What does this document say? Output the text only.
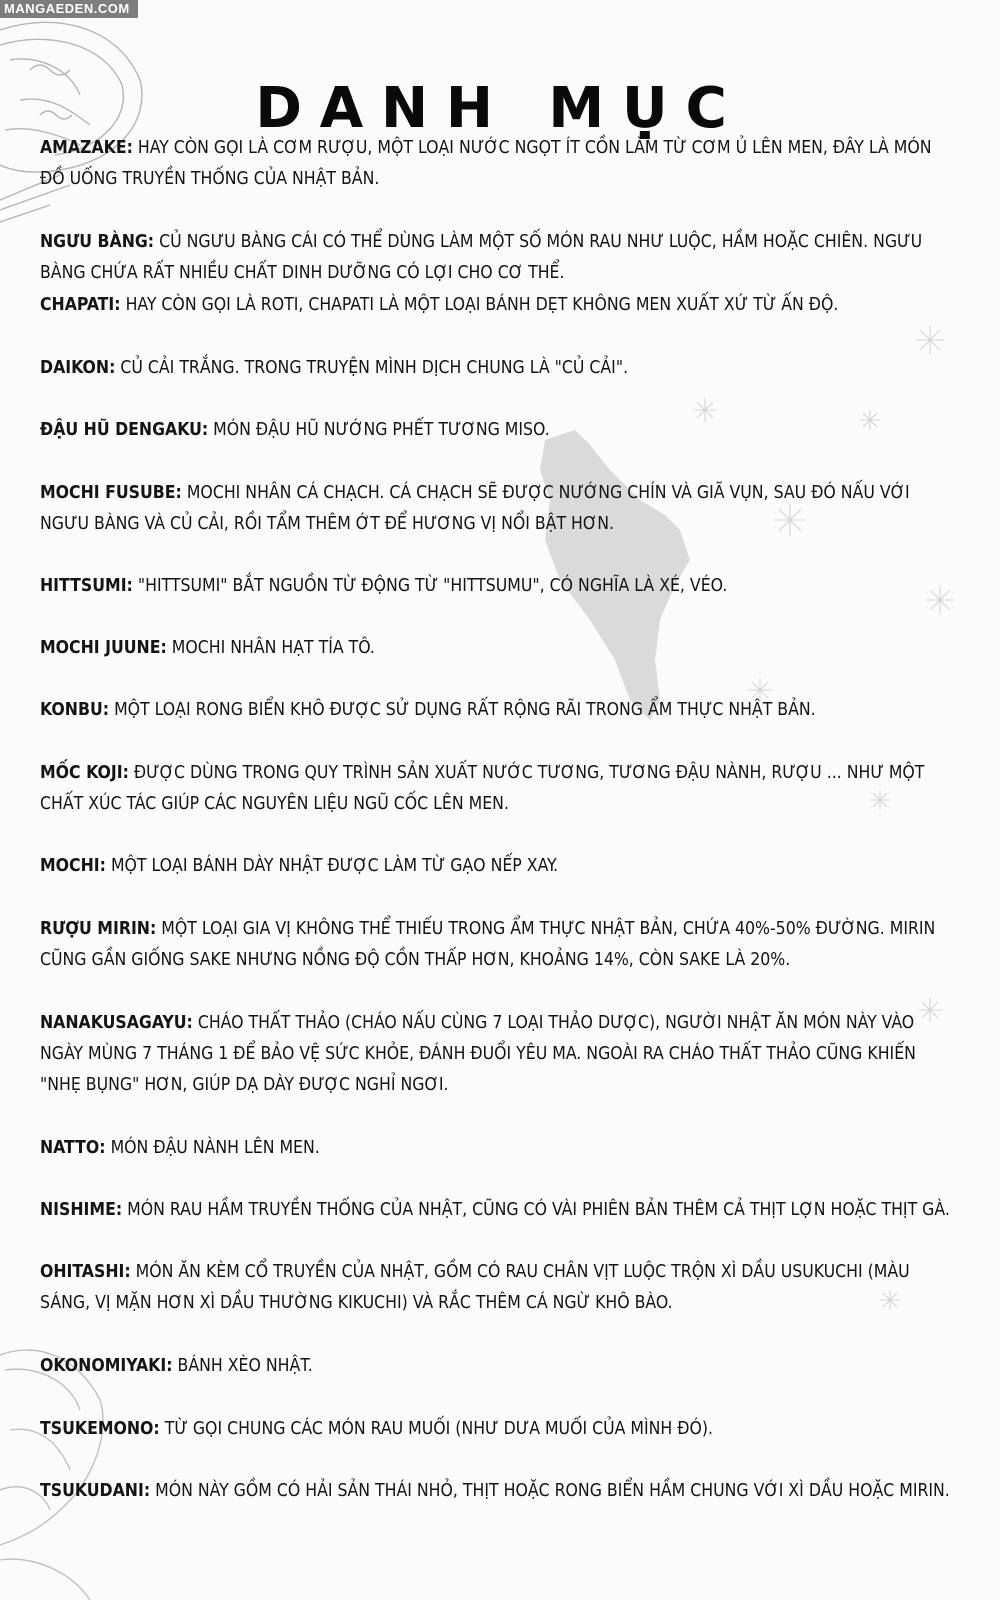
MANGAEDEN.COM
DANH MỤC

AMAZAKE: HAY CÒN GỌI LÀ CƠM RƯỢU, MỘT LOẠI NƯỚC NGỌT ÍT CỒN LÀM TỪ CƠM Ủ LÊN MEN, ĐÂY LÀ MÓN ĐỒ UỐNG TRUYỀN THỐNG CỦA NHẬT BẢN.

NGƯU BÀNG: CỦ NGƯU BÀNG CÁI CÓ THỂ DÙNG LÀM MỘT SỐ MÓN RAU NHƯ LUỘC, HẦM HOẶC CHIÊN. NGƯU BÀNG CHỨA RẤT NHIỀU CHẤT DINH DƯỠNG CÓ LỢI CHO CƠ THỂ.

CHAPATI: HAY CÒN GỌI LÀ ROTI, CHAPATI LÀ MỘT LOẠI BÁNH DẸT KHÔNG MEN XUẤT XỨ TỪ ẤN ĐỘ.

DAIKON: CỦ CẢI TRẮNG. TRONG TRUYỆN MÌNH DỊCH CHUNG LÀ "CỦ CẢI".

ĐẬU HŨ DENGAKU: MÓN ĐẬU HŨ NƯỚNG PHẾT TƯƠNG MISO.

MOCHI FUSUBE: MOCHI NHÂN CÁ CHẠCH. CÁ CHẠCH SẼ ĐƯỢC NƯỚNG CHÍN VÀ GIÃ VỤN, SAU ĐÓ NẤU VỚI NGƯU BÀNG VÀ CỦ CẢI, RỒI TẨM THÊM ỚT ĐỂ HƯƠNG VỊ NỔI BẬT HƠN.

HITTSUMI: "HITTSUMI" BẮT NGUỒN TỪ ĐỘNG TỪ "HITTSUMU", CÓ NGHĨA LÀ XÉ, VÉO.

MOCHI JUUNE: MOCHI NHÂN HẠT TÍA TÔ.

KONBU: MỘT LOẠI RONG BIỂN KHÔ ĐƯỢC SỬ DỤNG RẤT RỘNG RÃI TRONG ẨM THỰC NHẬT BẢN.

MỐC KOJI: ĐƯỢC DÙNG TRONG QUY TRÌNH SẢN XUẤT NƯỚC TƯƠNG, TƯƠNG ĐẬU NÀNH, RƯỢU ... NHƯ MỘT CHẤT XÚC TÁC GIÚP CÁC NGUYÊN LIỆU NGŨ CỐC LÊN MEN.

MOCHI: MỘT LOẠI BÁNH DÀY NHẬT ĐƯỢC LÀM TỪ GẠO NẾP XAY.

RƯỢU MIRIN: MỘT LOẠI GIA VỊ KHÔNG THỂ THIẾU TRONG ẨM THỰC NHẬT BẢN, CHỨA 40%-50% ĐƯỜNG. MIRIN CŨNG GẦN GIỐNG SAKE NHƯNG NỒNG ĐỘ CỒN THẤP HƠN, KHOẢNG 14%, CÒN SAKE LÀ 20%.

NANAKUSAGAYU: CHÁO THẤT THẢO (CHÁO NẤU CÙNG 7 LOẠI THẢO DƯỢC), NGƯỜI NHẬT ĂN MÓN NÀY VÀO NGÀY MÙNG 7 THÁNG 1 ĐỂ BẢO VỆ SỨC KHỎE, ĐÁNH ĐUỔI YÊU MA. NGOÀI RA CHÁO THẤT THẢO CŨNG KHIẾN "NHẸ BỤNG" HƠN, GIÚP DẠ DÀY ĐƯỢC NGHỈ NGƠI.

NATTO: MÓN ĐẬU NÀNH LÊN MEN.

NISHIME: MÓN RAU HẦM TRUYỀN THỐNG CỦA NHẬT, CŨNG CÓ VÀI PHIÊN BẢN THÊM CẢ THỊT LỢN HOẶC THỊT GÀ.

OHITASHI: MÓN ĂN KÈM CỔ TRUYỀN CỦA NHẬT, GỒM CÓ RAU CHÂN VỊT LUỘC TRỘN XÌ DẦU USUKUCHI (MÀU SÁNG, VỊ MẶN HƠN XÌ DẦU THƯỜNG KIKUCHI) VÀ RẮC THÊM CÁ NGỪ KHÔ BÀO.

OKONOMIYAKI: BÁNH XÈO NHẬT.

TSUKEMONO: TỪ GỌI CHUNG CÁC MÓN RAU MUỐI (NHƯ DƯA MUỐI CỦA MÌNH ĐÓ).

TSUKUDANI: MÓN NÀY GỒM CÓ HẢI SẢN THÁI NHỎ, THỊT HOẶC RONG BIỂN HẦM CHUNG VỚI XÌ DẦU HOẶC MIRIN.
